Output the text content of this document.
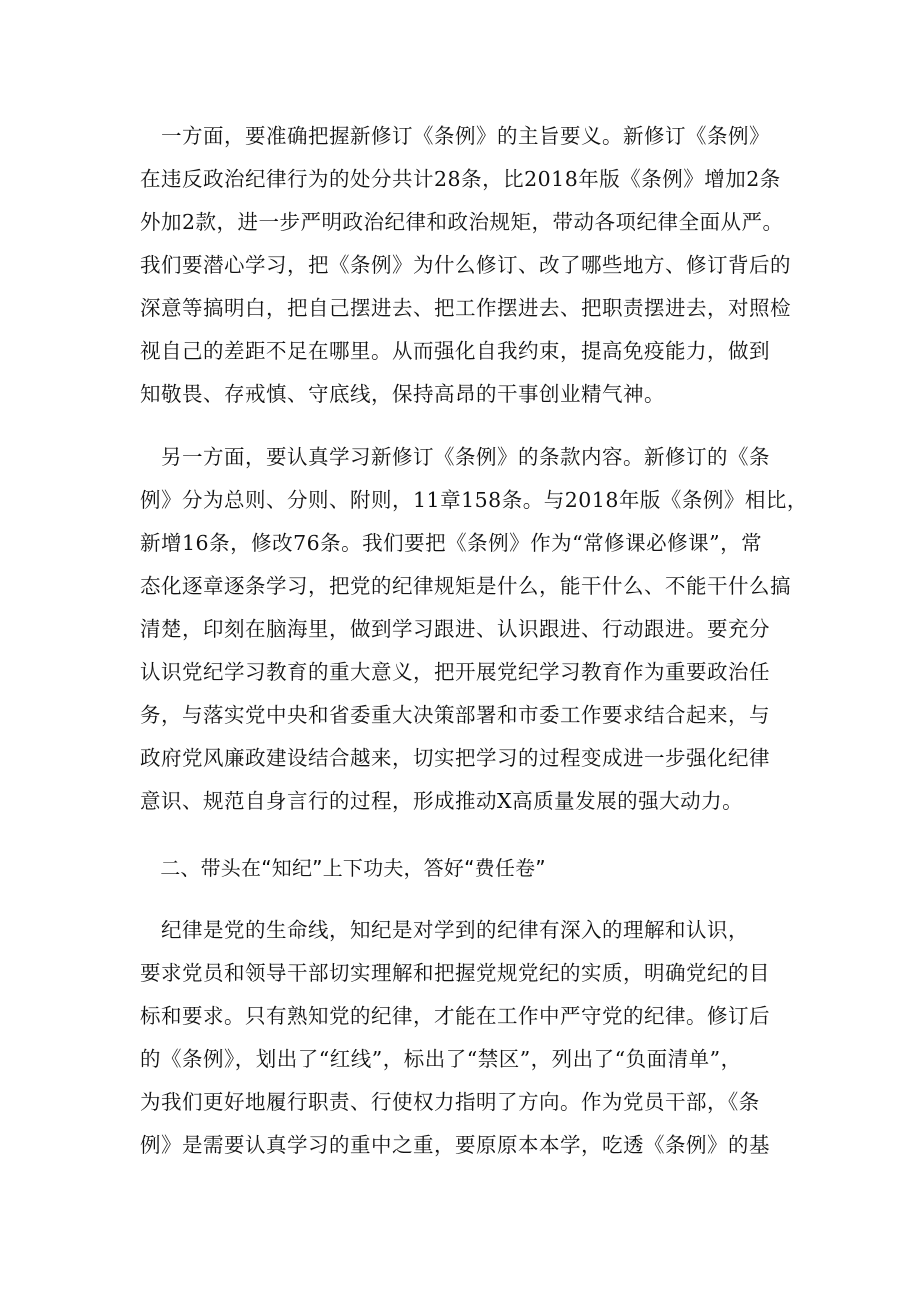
　一方面，要准确把握新修订《条例》的主旨要义。新修订《条例》
在违反政治纪律行为的处分共计28条，比2018年版《条例》增加2条
外加2款，进一步严明政治纪律和政治规矩，带动各项纪律全面从严。
我们要潜心学习，把《条例》为什么修订、改了哪些地方、修订背后的
深意等搞明白，把自己摆进去、把工作摆进去、把职责摆进去，对照检
视自己的差距不足在哪里。从而强化自我约束，提高免疫能力，做到
知敬畏、存戒慎、守底线，保持高昂的干事创业精气神。
　另一方面，要认真学习新修订《条例》的条款内容。新修订的《条
例》分为总则、分则、附则，11章158条。与2018年版《条例》相比，
新增16条，修改76条。我们要把《条例》作为“常修课必修课”，常
态化逐章逐条学习，把党的纪律规矩是什么，能干什么、不能干什么搞
清楚，印刻在脑海里，做到学习跟进、认识跟进、行动跟进。要充分
认识党纪学习教育的重大意义，把开展党纪学习教育作为重要政治任
务，与落实党中央和省委重大决策部署和市委工作要求结合起来，与
政府党风廉政建设结合越来，切实把学习的过程变成进一步强化纪律
意识、规范自身言行的过程，形成推动X高质量发展的强大动力。
　二、带头在“知纪”上下功夫，答好“费任卷”
　纪律是党的生命线，知纪是对学到的纪律有深入的理解和认识，
要求党员和领导干部切实理解和把握党规党纪的实质，明确党纪的目
标和要求。只有熟知党的纪律，才能在工作中严守党的纪律。修订后
的《条例》，划出了“红线”，标出了“禁区”，列出了“负面清单”，
为我们更好地履行职责、行使权力指明了方向。作为党员干部，《条
例》是需要认真学习的重中之重，要原原本本学，吃透《条例》的基
